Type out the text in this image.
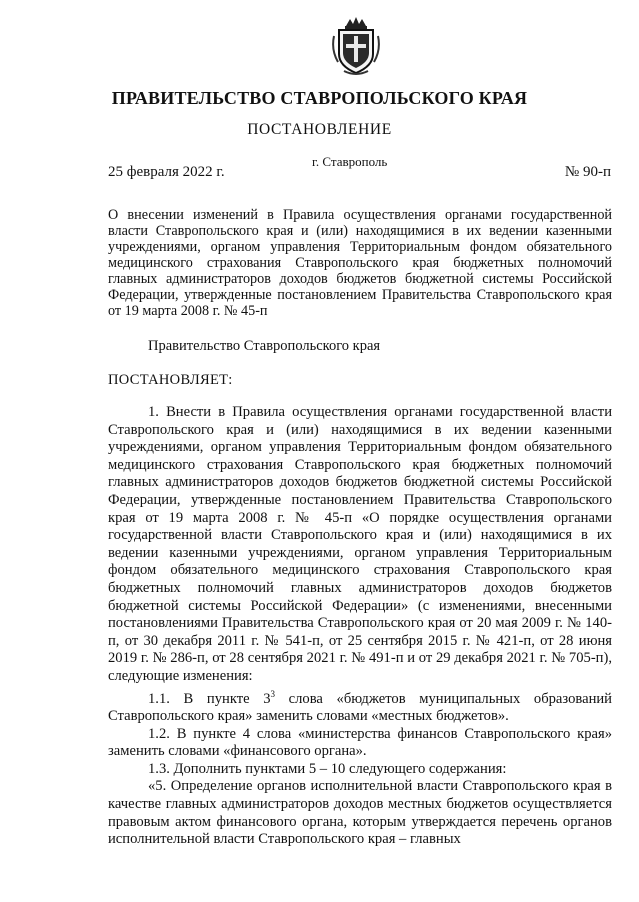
ПРАВИТЕЛЬСТВО СТАВРОПОЛЬСКОГО КРАЯ
ПОСТАНОВЛЕНИЕ
г. Ставрополь
25 февраля 2022 г.	№ 90-п
О внесении изменений в Правила осуществления органами государственной власти Ставропольского края и (или) находящимися в их ведении казенными учреждениями, органом управления Территориальным фондом обязательного медицинского страхования Ставропольского края бюджетных полномочий главных администраторов доходов бюджетов бюджетной системы Российской Федерации, утвержденные постановлением Правительства Ставропольского края от 19 марта 2008 г. № 45-п
Правительство Ставропольского края
ПОСТАНОВЛЯЕТ:

1. Внести в Правила осуществления органами государственной власти Ставропольского края и (или) находящимися в их ведении казенными учреждениями, органом управления Территориальным фондом обязательного медицинского страхования Ставропольского края бюджетных полномочий главных администраторов доходов бюджетов бюджетной системы Российской Федерации, утвержденные постановлением Правительства Ставропольского края от 19 марта 2008 г. № 45-п «О порядке осуществления органами государственной власти Ставропольского края и (или) находящимися в их ведении казенными учреждениями, органом управления Территориальным фондом обязательного медицинского страхования Ставропольского края бюджетных полномочий главных администраторов доходов бюджетов бюджетной системы Российской Федерации» (с изменениями, внесенными постановлениями Правительства Ставропольского края от 20 мая 2009 г. № 140-п, от 30 декабря 2011 г. № 541-п, от 25 сентября 2015 г. № 421-п, от 28 июня 2019 г. № 286-п, от 28 сентября 2021 г. № 491-п и от 29 декабря 2021 г. № 705-п), следующие изменения:

1.1. В пункте $3^3$ слова «бюджетов муниципальных образований Ставропольского края» заменить словами «местных бюджетов».

1.2. В пункте 4 слова «министерства финансов Ставропольского края» заменить словами «финансового органа».

1.3. Дополнить пунктами 5 – 10 следующего содержания:

«5. Определение органов исполнительной власти Ставропольского края в качестве главных администраторов доходов местных бюджетов осуществляется правовым актом финансового органа, которым утверждается перечень органов исполнительной власти Ставропольского края – главных
